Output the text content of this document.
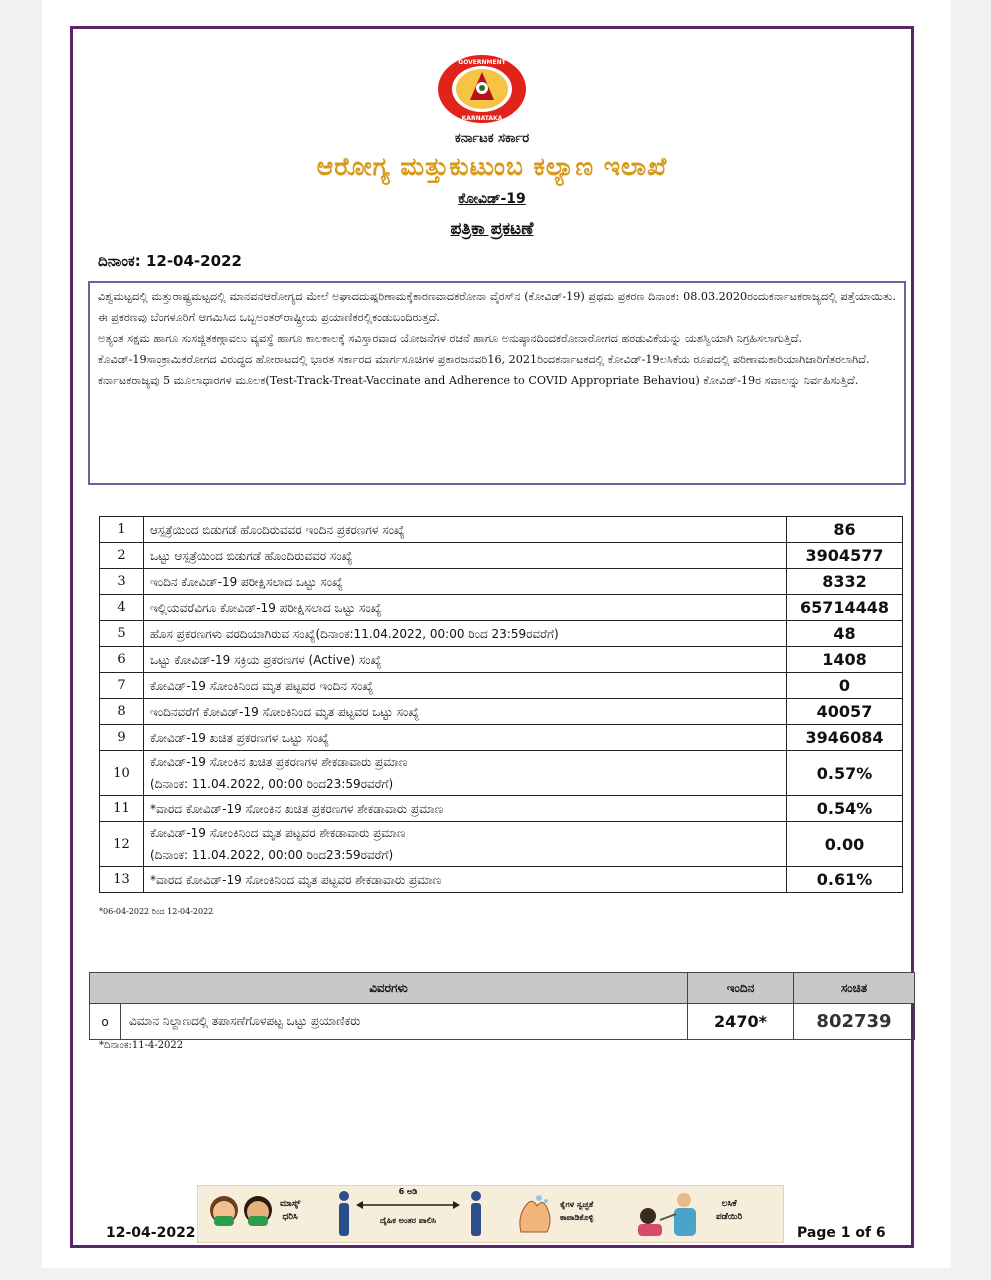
GOVERNMENT
KARNATAKA
ಕರ್ನಾಟಕ ಸರ್ಕಾರ
ಆರೋಗ್ಯ ಮತ್ತುಕುಟುಂಬ ಕಲ್ಯಾಣ ಇಲಾಖೆ
ಕೋವಿಡ್-19
ಪತ್ರಿಕಾ ಪ್ರಕಟಣೆ
ದಿನಾಂಕ: 12-04-2022

ವಿಶ್ವಮಟ್ಟದಲ್ಲಿ ಮತ್ತುರಾಷ್ಟ್ರಮಟ್ಟದಲ್ಲಿ ಮಾನವನಆರೋಗ್ಯದ ಮೇಲೆ ಅಘಾದದುಷ್ಪರಿಣಾಮಕ್ಕೆಕಾರಣವಾದಕರೋನಾ ವೈರಸ್‌ನ (ಕೋವಿಡ್-19) ಪ್ರಥಮ ಪ್ರಕರಣ ದಿನಾಂಕ: 08.03.2020ರಂದುಕರ್ನಾಟಕರಾಜ್ಯದಲ್ಲಿ ಪತ್ತೆಯಾಯಿತು. ಈ ಪ್ರಕರಣವು ಬೆಂಗಳೂರಿಗೆ ಆಗಮಿಸಿದ ಒಬ್ಬಅಂತರ್‌ರಾಷ್ಟ್ರೀಯ ಪ್ರಯಾಣಿಕರಲ್ಲಿಕಂಡುಬಂದಿರುತ್ತದೆ.

ಅತ್ಯಂತ ಸಕ್ಷಮ ಹಾಗೂ ಸುಸಜ್ಜಿತಕಣ್ಗಾವಲು ವ್ಯವಸ್ಥೆ ಹಾಗೂ ಕಾಲಕಾಲಕ್ಕೆ ಸವಿಸ್ತಾರವಾದ ಯೋಜನೆಗಳ ರಚನೆ ಹಾಗೂ ಅನುಷ್ಠಾನದಿಂದಕರೋನಾರೋಗದ ಹರಡುವಿಕೆಯನ್ನು ಯಶಸ್ವಿಯಾಗಿ ನಿಗ್ರಹಿಸಲಾಗುತ್ತಿದೆ.

ಕೊವಿಡ್-19ಸಾಂಕ್ರಾಮಿಕರೋಗದ ವಿರುದ್ಧದ ಹೋರಾಟದಲ್ಲಿ ಭಾರತ ಸರ್ಕಾರದ ಮಾರ್ಗಸೂಚಿಗಳ ಪ್ರಕಾರಜನವರಿ16, 2021ರಿಂದಕರ್ನಾಟಕದಲ್ಲಿ ಕೋವಿಡ್-19ಲಸಿಕೆಯ ರೂಪದಲ್ಲಿ ಪರಿಣಾಮಕಾರಿಯಾಗಿಜಾರಿಗೆತರಲಾಗಿದೆ.

ಕರ್ನಾಟಕರಾಜ್ಯವು 5 ಮೂಲಾಧಾರಗಳ ಮೂಲಕ(Test-Track-Treat-Vaccinate and Adherence to COVID Appropriate Behaviou) ಕೋವಿಡ್-19ರ ಸವಾಲನ್ನು ನಿರ್ವಹಿಸುತ್ತಿದೆ.

1	ಆಸ್ಪತ್ರೆಯಿಂದ ಬಿಡುಗಡೆ ಹೊಂದಿರುವವರ ಇಂದಿನ ಪ್ರಕರಣಗಳ ಸಂಖ್ಯೆ	86
2	ಒಟ್ಟು ಆಸ್ಪತ್ರೆಯಿಂದ ಬಿಡುಗಡೆ ಹೊಂದಿರುವವರ ಸಂಖ್ಯೆ	3904577
3	ಇಂದಿನ ಕೋವಿಡ್-19 ಪರೀಕ್ಷಿಸಲಾದ ಒಟ್ಟು ಸಂಖ್ಯೆ	8332
4	ಇಲ್ಲಿಯವರೆವಿಗೂ ಕೋವಿಡ್-19 ಪರೀಕ್ಷಿಸಲಾದ ಒಟ್ಟು ಸಂಖ್ಯೆ	65714448
5	ಹೊಸ ಪ್ರಕರಣಗಳು ವರದಿಯಾಗಿರುವ ಸಂಖ್ಯೆ(ದಿನಾಂಕ:11.04.2022, 00:00 ರಿಂದ 23:59ರವರೆಗೆ)	48
6	ಒಟ್ಟು ಕೋವಿಡ್-19 ಸಕ್ರಿಯ ಪ್ರಕರಣಗಳ (Active) ಸಂಖ್ಯೆ	1408
7	ಕೋವಿಡ್-19 ಸೋಂಕಿನಿಂದ ಮೃತ ಪಟ್ಟವರ ಇಂದಿನ ಸಂಖ್ಯೆ	0
8	ಇಂದಿನವರೆಗೆ ಕೋವಿಡ್-19 ಸೋಂಕಿನಿಂದ ಮೃತ ಪಟ್ಟವರ ಒಟ್ಟು ಸಂಖ್ಯೆ	40057
9	ಕೋವಿಡ್-19 ಖಚಿತ ಪ್ರಕರಣಗಳ ಒಟ್ಟು ಸಂಖ್ಯೆ	3946084
10	ಕೋವಿಡ್-19 ಸೋಂಕಿನ ಖಚಿತ ಪ್ರಕರಣಗಳ ಶೇಕಡಾವಾರು ಪ್ರಮಾಣ
(ದಿನಾಂಕ: 11.04.2022, 00:00 ರಿಂದ23:59ರವರೆಗೆ)	0.57%
11	*ವಾರದ ಕೋವಿಡ್-19 ಸೋಂಕಿನ ಖಚಿತ ಪ್ರಕರಣಗಳ ಶೇಕಡಾವಾರು ಪ್ರಮಾಣ	0.54%
12	ಕೋವಿಡ್-19 ಸೋಂಕಿನಿಂದ ಮೃತ ಪಟ್ಟವರ ಶೇಕಡಾವಾರು ಪ್ರಮಾಣ
(ದಿನಾಂಕ: 11.04.2022, 00:00 ರಿಂದ23:59ರವರೆಗೆ)	0.00
13	*ವಾರದ ಕೋವಿಡ್-19 ಸೋಂಕಿನಿಂದ ಮೃತ ಪಟ್ಟವರ ಶೇಕಡಾವಾರು ಪ್ರಮಾಣ	0.61%
*06-04-2022 ರಿಂದ 12-04-2022
ವಿವರಗಳು		ಇಂದಿನ	ಸಂಚಿತ
o	ವಿಮಾನ ನಿಲ್ದಾಣದಲ್ಲಿ ತಪಾಸಣೆಗೊಳಪಟ್ಟ ಒಟ್ಟು ಪ್ರಯಾಣಿಕರು	2470*	802739
*ದಿನಾಂಕ:11-4-2022
ಮಾಸ್ಕ್
ಧರಿಸಿ
6 ಅಡಿ
ದೈಹಿಕ ಅಂತರ ಪಾಲಿಸಿ
ಕೈಗಳ ಸ್ವಚ್ಛತೆ
ಕಾಪಾಡಿಕೊಳ್ಳಿ
ಲಸಿಕೆ
ಪಡೆಯಿರಿ
12-04-2022	Page 1 of 6
